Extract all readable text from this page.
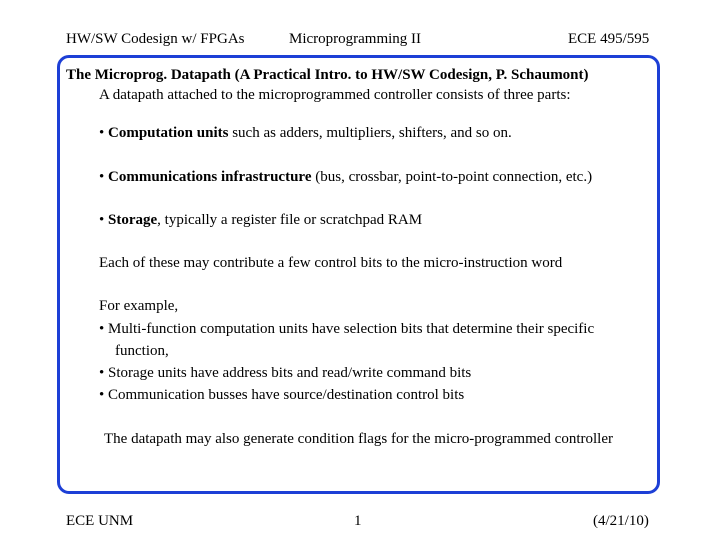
HW/SW Codesign w/ FPGAs	Microprogramming II	ECE 495/595
The Microprog. Datapath (A Practical Intro. to HW/SW Codesign, P. Schaumont)
A datapath attached to the microprogrammed controller consists of three parts:
• Computation units such as adders, multipliers, shifters, and so on.
• Communications infrastructure (bus, crossbar, point-to-point connection, etc.)
• Storage, typically a register file or scratchpad RAM
Each of these may contribute a few control bits to the micro-instruction word
For example,
• Multi-function computation units have selection bits that determine their specific
function,
• Storage units have address bits and read/write command bits
• Communication busses have source/destination control bits
The datapath may also generate condition flags for the micro-programmed controller
ECE UNM	1	(4/21/10)
